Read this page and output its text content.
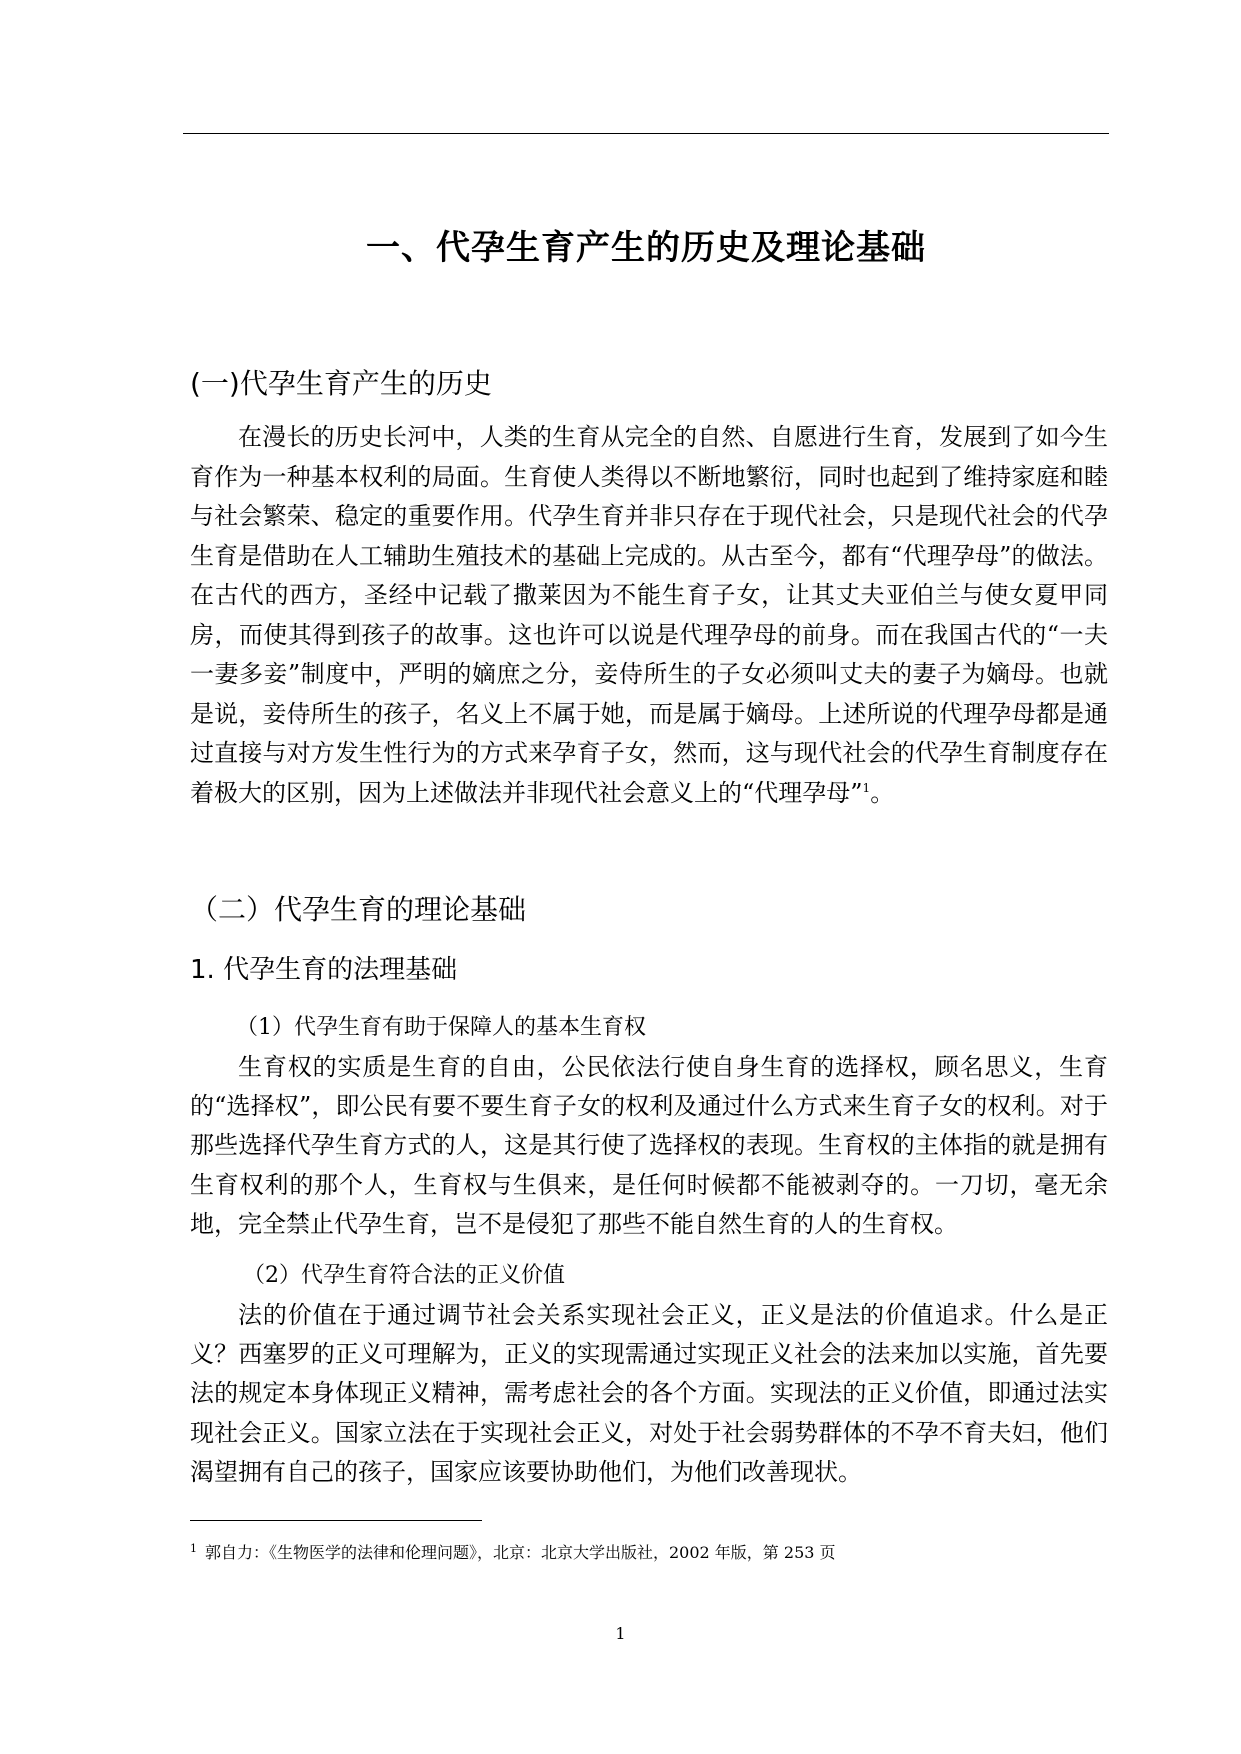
一、代孕生育产生的历史及理论基础
(一)代孕生育产生的历史

在漫长的历史长河中，人类的生育从完全的自然、自愿进行生育，发展到了如今生育作为一种基本权利的局面。生育使人类得以不断地繁衍，同时也起到了维持家庭和睦与社会繁荣、稳定的重要作用。代孕生育并非只存在于现代社会，只是现代社会的代孕生育是借助在人工辅助生殖技术的基础上完成的。从古至今，都有“代理孕母”的做法。在古代的西方，圣经中记载了撒莱因为不能生育子女，让其丈夫亚伯兰与使女夏甲同房，而使其得到孩子的故事。这也许可以说是代理孕母的前身。而在我国古代的“一夫一妻多妾”制度中，严明的嫡庶之分，妾侍所生的子女必须叫丈夫的妻子为嫡母。也就是说，妾侍所生的孩子，名义上不属于她，而是属于嫡母。上述所说的代理孕母都是通过直接与对方发生性行为的方式来孕育子女，然而，这与现代社会的代孕生育制度存在着极大的区别，因为上述做法并非现代社会意义上的“代理孕母”$^1$。

（二）代孕生育的理论基础
1. 代孕生育的法理基础
（1）代孕生育有助于保障人的基本生育权

生育权的实质是生育的自由，公民依法行使自身生育的选择权，顾名思义，生育的“选择权”，即公民有要不要生育子女的权利及通过什么方式来生育子女的权利。对于那些选择代孕生育方式的人，这是其行使了选择权的表现。生育权的主体指的就是拥有生育权利的那个人，生育权与生俱来，是任何时候都不能被剥夺的。一刀切，毫无余地，完全禁止代孕生育，岂不是侵犯了那些不能自然生育的人的生育权。

（2）代孕生育符合法的正义价值

法的价值在于通过调节社会关系实现社会正义，正义是法的价值追求。什么是正义？西塞罗的正义可理解为，正义的实现需通过实现正义社会的法来加以实施，首先要法的规定本身体现正义精神，需考虑社会的各个方面。实现法的正义价值，即通过法实现社会正义。国家立法在于实现社会正义，对处于社会弱势群体的不孕不育夫妇，他们渴望拥有自己的孩子，国家应该要协助他们，为他们改善现状。

$^1$ 郭自力：《生物医学的法律和伦理问题》，北京：北京大学出版社，2002 年版，第 253 页
1
